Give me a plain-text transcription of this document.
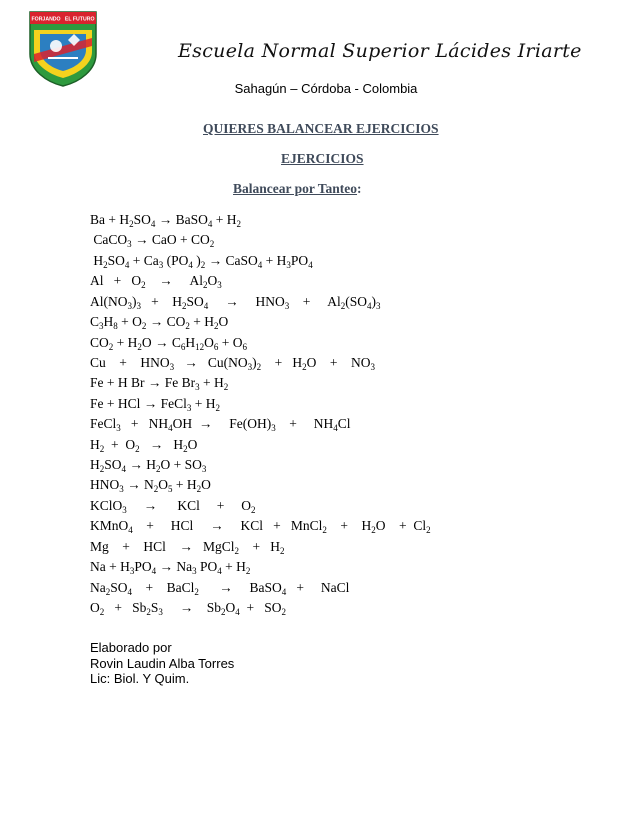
FORJANDO   EL FUTURO
Escuela Normal Superior Lácides Iriarte
Sahagún – Córdoba - Colombia
QUIERES BALANCEAR EJERCICIOS
EJERCICIOS
Balancear por Tanteo:
$Ba + H_2SO_4$ → BaSO$_4$ + $H_2$
CaCO$_3$ → CaO + $CO_2$
$H_2SO_4 + Ca_3$ ($PO_4$ )$_2$ → CaSO$_4$ + $H_3PO_4$
$Al + O_2$    →     $Al_2O_3$
$Al(NO_3)_3$   +    $H_2SO_4$     →     $HNO_3$    +     $Al_2(SO_4)_3$
$C_3H_8 + O_2 \to CO_2 + H_2O$
$CO_2 + H_2O \to C_6H_{12}O_6 + O_6$
Cu    +    $HNO_3 \to Cu(NO_3)_2$    +   $H_2O$    +    $NO_3$
Fe + H Br → Fe $Br_3 + H_2$
Fe + HCl → FeCl$_3$ + $H_2$
FeCl$_3$   +   $NH_4OH$  →     $Fe(OH)_3$    +     $NH_4Cl$
$H_2 + O_2 \to H_2O$
$H_2SO_4 \to H_2O + SO_3$
$HNO_3 \to N_2O_5 + H_2O$
KClO$_3$     →      KCl     +     $O_2$
KMnO$_4$    +     HCl     →     KCl   +   MnCl$_2$    +    $H_2O$    +  $Cl_2$
Mg    +    HCl    →   MgCl$_2$    +   $H_2$
$Na + H_3PO_4 \to Na_3$ $PO_4 + H_2$
$Na_2SO_4$    +    BaCl$_2$      →     BaSO$_4$   +     NaCl
$O_2 + Sb_2S_3$     →    $Sb_2O_4 + SO_2$
Elaborado por
Rovin Laudin Alba Torres
Lic: Biol. Y Quim.
